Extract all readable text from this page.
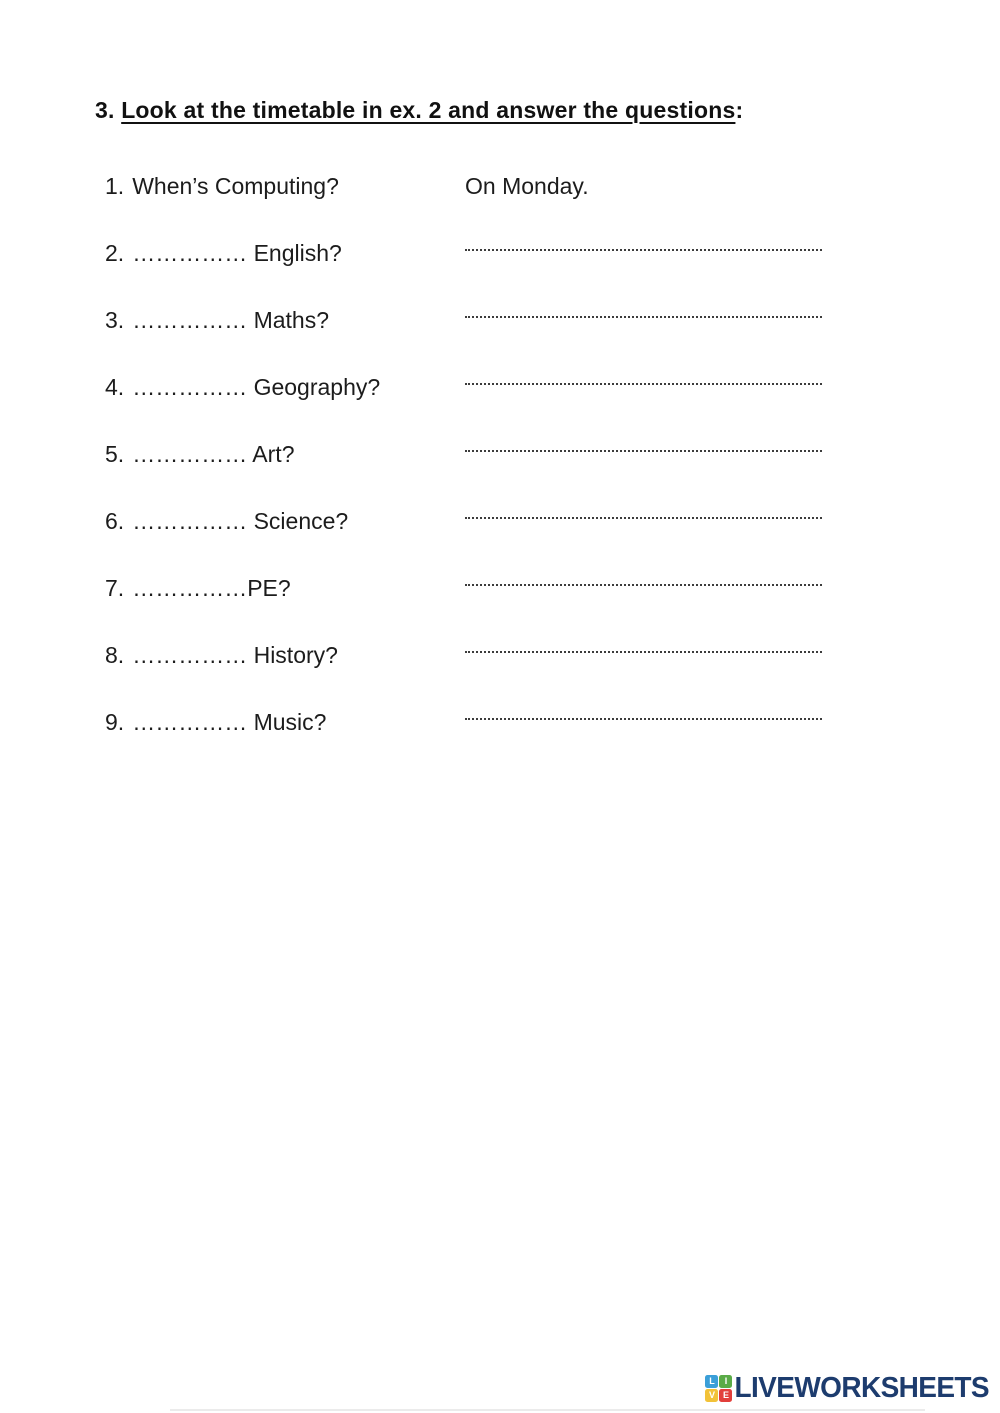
3. Look at the timetable in ex. 2 and answer the questions:
1. When’s Computing?	On Monday.
2. …………… English?
3. …………… Maths?
4. …………… Geography?
5. …………… Art?
6. …………… Science?
7. ……………PE?
8. …………… History?
9. …………… Music?
L	I
V E LIVEWORKSHEETS
